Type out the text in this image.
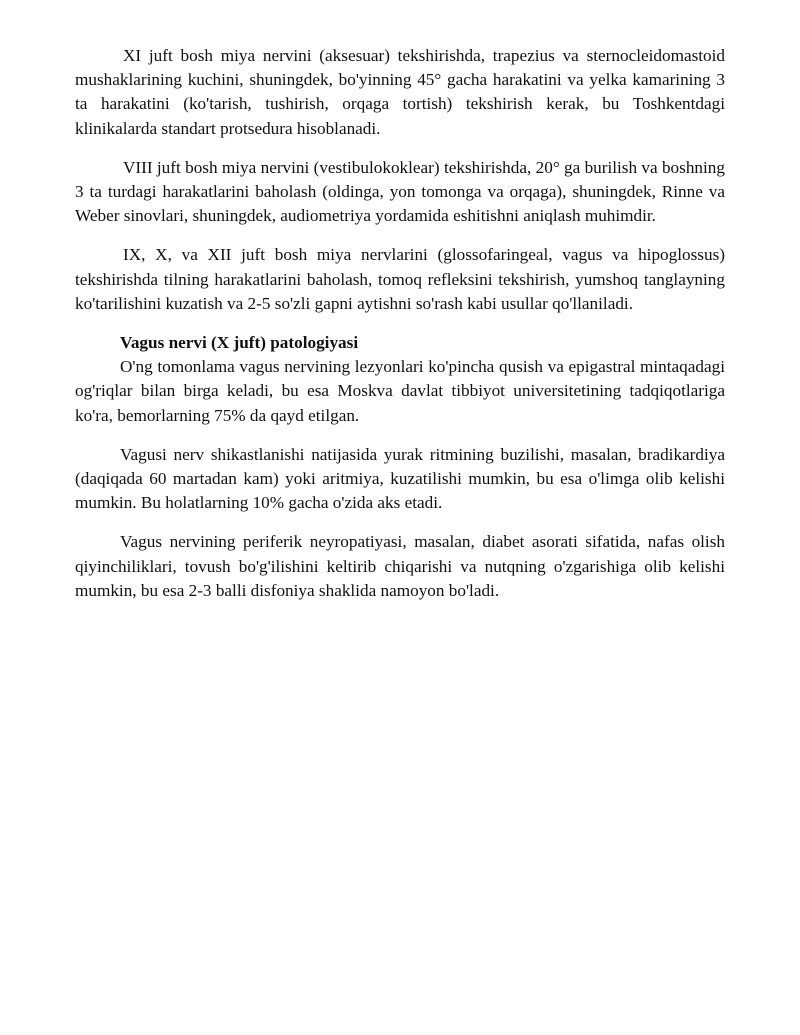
XI juft bosh miya nervini (aksesuar) tekshirishda, trapezius va sternocleidomastoid mushaklarining kuchini, shuningdek, bo'yinning 45° gacha harakatini va yelka kamarining 3 ta harakatini (ko'tarish, tushirish, orqaga tortish) tekshirish kerak, bu Toshkentdagi klinikalarda standart protsedura hisoblanadi.

VIII juft bosh miya nervini (vestibulokoklear) tekshirishda, 20° ga burilish va boshning 3 ta turdagi harakatlarini baholash (oldinga, yon tomonga va orqaga), shuningdek, Rinne va Weber sinovlari, shuningdek, audiometriya yordamida eshitishni aniqlash muhimdir.

IX, X, va XII juft bosh miya nervlarini (glossofaringeal, vagus va hipoglossus) tekshirishda tilning harakatlarini baholash, tomoq refleksini tekshirish, yumshoq tanglayning ko'tarilishini kuzatish va 2-5 so'zli gapni aytishni so'rash kabi usullar qo'llaniladi.

Vagus nervi (X juft) patologiyasi

O'ng tomonlama vagus nervining lezyonlari ko'pincha qusish va epigastral mintaqadagi og'riqlar bilan birga keladi, bu esa Moskva davlat tibbiyot universitetining tadqiqotlariga ko'ra, bemorlarning 75% da qayd etilgan.

Vagusi nerv shikastlanishi natijasida yurak ritmining buzilishi, masalan, bradikardiya (daqiqada 60 martadan kam) yoki aritmiya, kuzatilishi mumkin, bu esa o'limga olib kelishi mumkin. Bu holatlarning 10% gacha o'zida aks etadi.

Vagus nervining periferik neyropatiyasi, masalan, diabet asorati sifatida, nafas olish qiyinchiliklari, tovush bo'g'ilishini keltirib chiqarishi va nutqning o'zgarishiga olib kelishi mumkin, bu esa 2-3 balli disfoniya shaklida namoyon bo'ladi.
